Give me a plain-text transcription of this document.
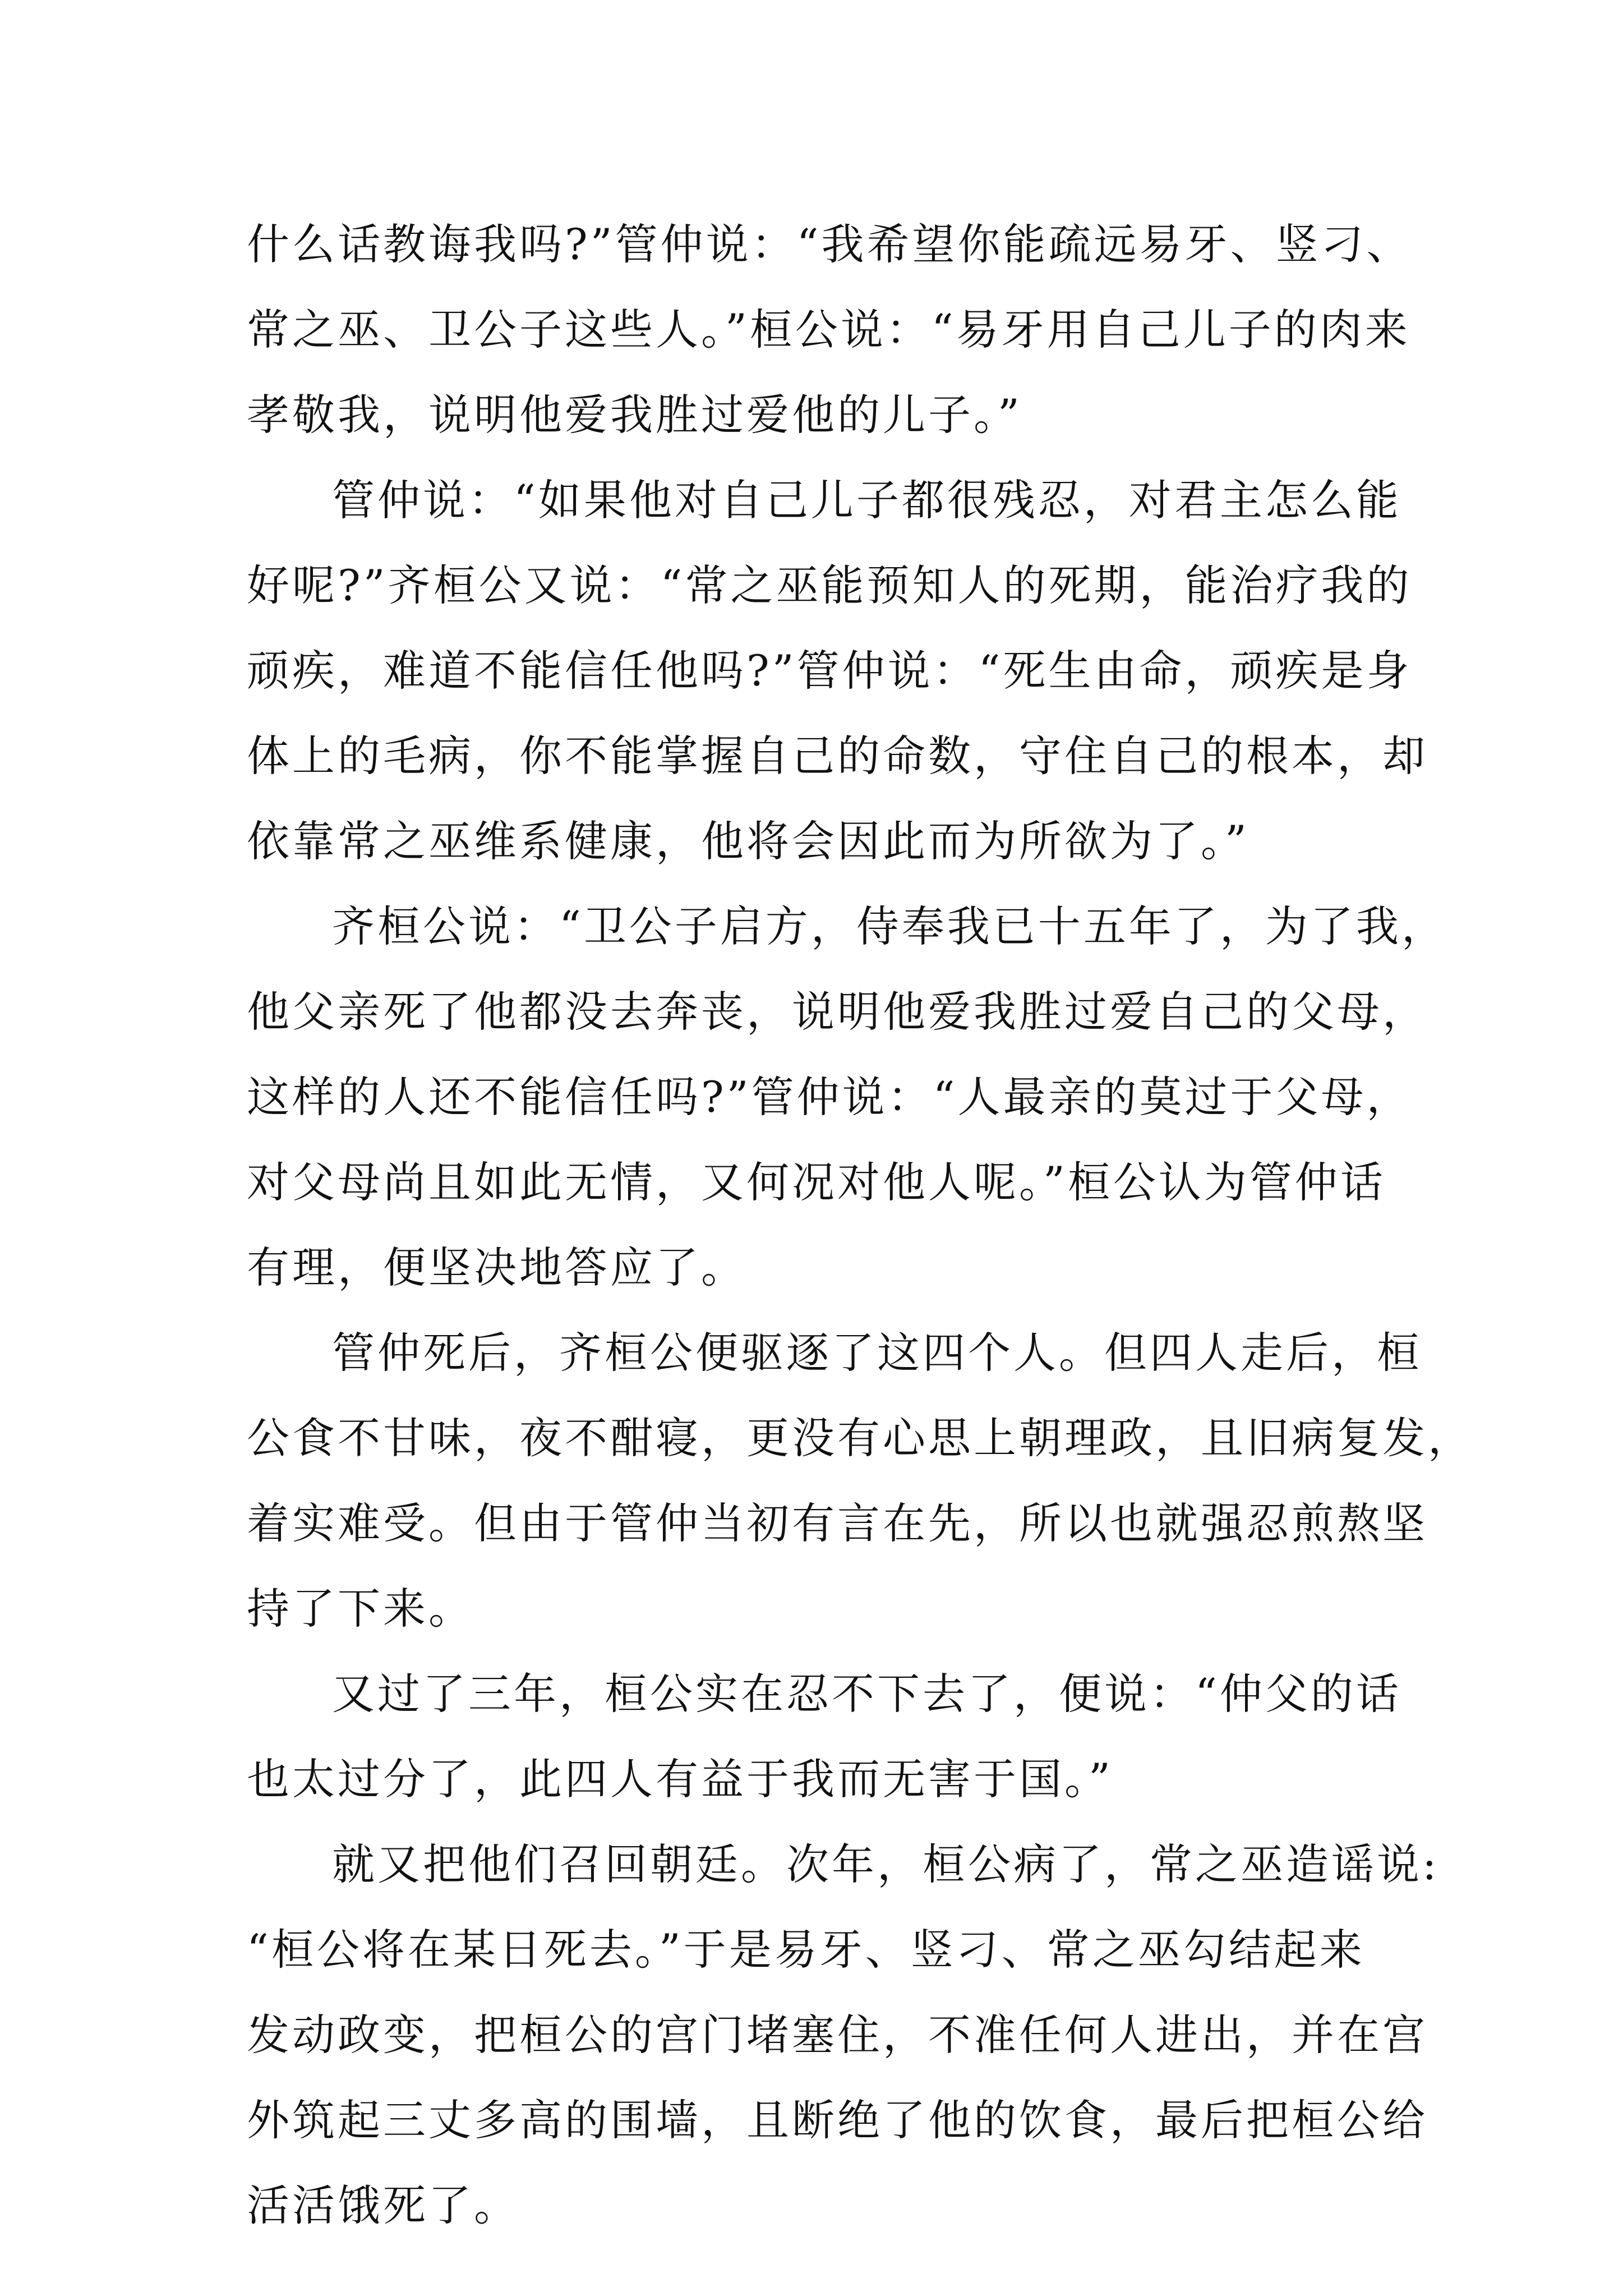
什么话教诲我吗?”管仲说：“我希望你能疏远易牙、竖刁、
常之巫、卫公子这些人。”桓公说：“易牙用自己儿子的肉来
孝敬我，说明他爱我胜过爱他的儿子。”
管仲说：“如果他对自己儿子都很残忍，对君主怎么能
好呢?”齐桓公又说：“常之巫能预知人的死期，能治疗我的
顽疾，难道不能信任他吗?”管仲说：“死生由命，顽疾是身
体上的毛病，你不能掌握自己的命数，守住自己的根本，却
依靠常之巫维系健康，他将会因此而为所欲为了。”
齐桓公说：“卫公子启方，侍奉我已十五年了，为了我，
他父亲死了他都没去奔丧，说明他爱我胜过爱自己的父母，
这样的人还不能信任吗?”管仲说：“人最亲的莫过于父母，
对父母尚且如此无情，又何况对他人呢。”桓公认为管仲话
有理，便坚决地答应了。
管仲死后，齐桓公便驱逐了这四个人。但四人走后，桓
公食不甘味，夜不酣寝，更没有心思上朝理政，且旧病复发，
着实难受。但由于管仲当初有言在先，所以也就强忍煎熬坚
持了下来。
又过了三年，桓公实在忍不下去了，便说：“仲父的话
也太过分了，此四人有益于我而无害于国。”
就又把他们召回朝廷。次年，桓公病了，常之巫造谣说:
“桓公将在某日死去。”于是易牙、竖刁、常之巫勾结起来
发动政变，把桓公的宫门堵塞住，不准任何人进出，并在宫
外筑起三丈多高的围墙，且断绝了他的饮食，最后把桓公给
活活饿死了。
